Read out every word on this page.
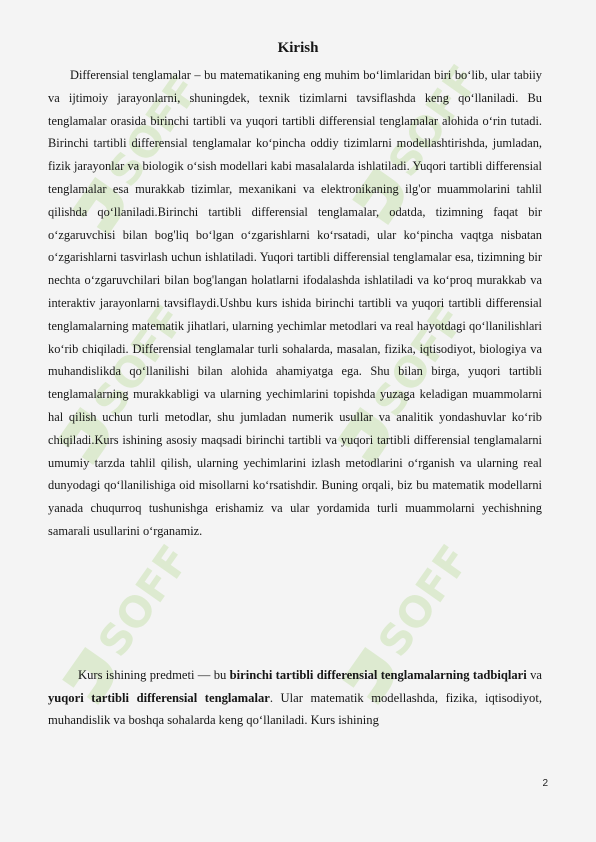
SOFF	SOFF
SOFF	SOFF
SOFF	SOFF
Kirish

Differensial tenglamalar – bu matematikaning eng muhim bo‘limlaridan biri bo‘lib, ular tabiiy va ijtimoiy jarayonlarni, shuningdek, texnik tizimlarni tavsiflashda keng qo‘llaniladi. Bu tenglamalar orasida birinchi tartibli va yuqori tartibli differensial tenglamalar alohida o‘rin tutadi. Birinchi tartibli differensial tenglamalar ko‘pincha oddiy tizimlarni modellashtirishda, jumladan, fizik jarayonlar va biologik o‘sish modellari kabi masalalarda ishlatiladi. Yuqori tartibli differensial tenglamalar esa murakkab tizimlar, mexanikani va elektronikaning ilg'or muammolarini tahlil qilishda qo‘llaniladi.Birinchi tartibli differensial tenglamalar, odatda, tizimning faqat bir o‘zgaruvchisi bilan bog'liq bo‘lgan o‘zgarishlarni ko‘rsatadi, ular ko‘pincha vaqtga nisbatan o‘zgarishlarni tasvirlash uchun ishlatiladi. Yuqori tartibli differensial tenglamalar esa, tizimning bir nechta o‘zgaruvchilari bilan bog'langan holatlarni ifodalashda ishlatiladi va ko‘proq murakkab va interaktiv jarayonlarni tavsiflaydi.Ushbu kurs ishida birinchi tartibli va yuqori tartibli differensial tenglamalarning matematik jihatlari, ularning yechimlar metodlari va real hayotdagi qo‘llanilishlari ko‘rib chiqiladi. Differensial tenglamalar turli sohalarda, masalan, fizika, iqtisodiyot, biologiya va muhandislikda qo‘llanilishi bilan alohida ahamiyatga ega. Shu bilan birga, yuqori tartibli tenglamalarning murakkabligi va ularning yechimlarini topishda yuzaga keladigan muammolarni hal qilish uchun turli metodlar, shu jumladan numerik usullar va analitik yondashuvlar ko‘rib chiqiladi.Kurs ishining asosiy maqsadi birinchi tartibli va yuqori tartibli differensial tenglamalarni umumiy tarzda tahlil qilish, ularning yechimlarini izlash metodlarini o‘rganish va ularning real dunyodagi qo‘llanilishiga oid misollarni ko‘rsatishdir. Buning orqali, biz bu matematik modellarni yanada chuqurroq tushunishga erishamiz va ular yordamida turli muammolarni yechishning samarali usullarini o‘rganamiz.

Kurs ishining predmeti — bu birinchi tartibli differensial tenglamalarning tadbiqlari va yuqori tartibli differensial tenglamalar. Ular matematik modellashda, fizika, iqtisodiyot, muhandislik va boshqa sohalarda keng qo‘llaniladi. Kurs ishining

2
